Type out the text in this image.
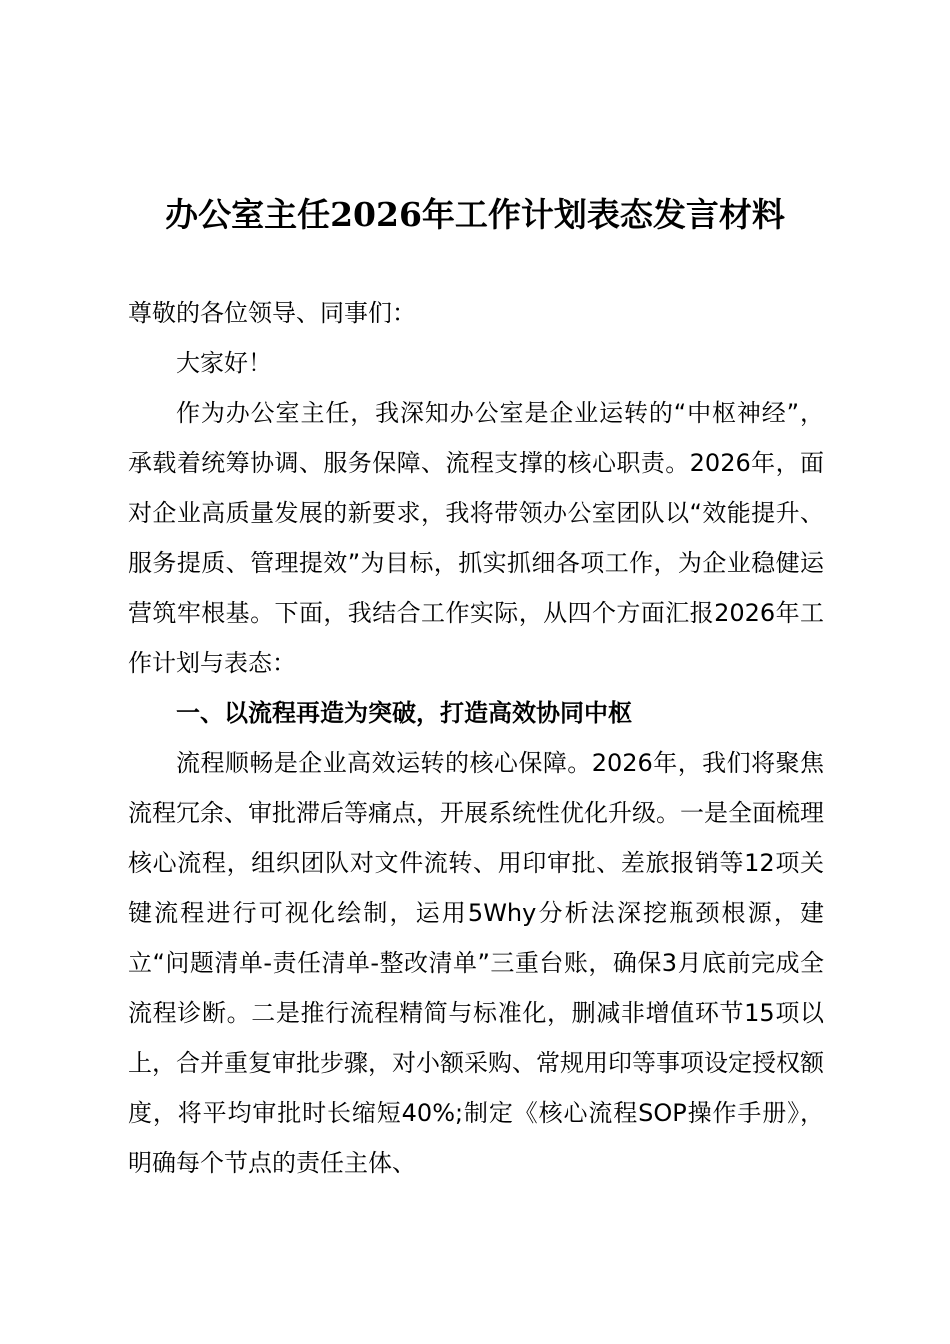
办公室主任2026年工作计划表态发言材料

尊敬的各位领导、同事们：

大家好！

作为办公室主任，我深知办公室是企业运转的“中枢神经”，承载着统筹协调、服务保障、流程支撑的核心职责。2026年，面对企业高质量发展的新要求，我将带领办公室团队以“效能提升、服务提质、管理提效”为目标，抓实抓细各项工作，为企业稳健运营筑牢根基。下面，我结合工作实际，从四个方面汇报2026年工作计划与表态：

一、以流程再造为突破，打造高效协同中枢

流程顺畅是企业高效运转的核心保障。2026年，我们将聚焦流程冗余、审批滞后等痛点，开展系统性优化升级。一是全面梳理核心流程，组织团队对文件流转、用印审批、差旅报销等12项关键流程进行可视化绘制，运用5Why分析法深挖瓶颈根源，建立“问题清单-责任清单-整改清单”三重台账，确保3月底前完成全流程诊断。二是推行流程精简与标准化，删减非增值环节15项以上，合并重复审批步骤，对小额采购、常规用印等事项设定授权额度，将平均审批时长缩短40%;制定《核心流程SOP操作手册》，明确每个节点的责任主体、
